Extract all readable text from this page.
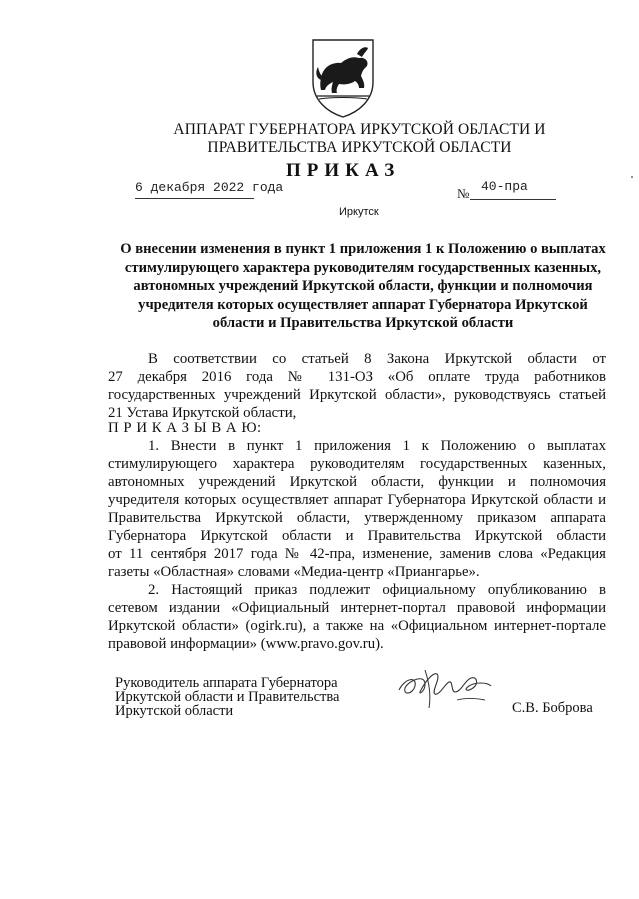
АППАРАТ ГУБЕРНАТОРА ИРКУТСКОЙ ОБЛАСТИ И
ПРАВИТЕЛЬСТВА ИРКУТСКОЙ ОБЛАСТИ
ПРИКАЗ
6 декабря 2022 года	№ 40-пра
Иркутск
О внесении изменения в пункт 1 приложения 1 к Положению о выплатах
стимулирующего характера руководителям государственных казенных,
автономных учреждений Иркутской области, функции и полномочия
учредителя которых осуществляет аппарат Губернатора Иркутской
области и Правительства Иркутской области
В соответствии со статьей 8 Закона Иркутской области от
27 декабря 2016 года № 131-ОЗ «Об оплате труда работников
государственных учреждений Иркутской области», руководствуясь статьей
21 Устава Иркутской области,
П Р И К А З Ы В А Ю:
1. Внести в пункт 1 приложения 1 к Положению о выплатах
стимулирующего характера руководителям государственных казенных,
автономных учреждений Иркутской области, функции и полномочия
учредителя которых осуществляет аппарат Губернатора Иркутской области и
Правительства Иркутской области, утвержденному приказом аппарата
Губернатора Иркутской области и Правительства Иркутской области
от 11 сентября 2017 года № 42-пра, изменение, заменив слова «Редакция
газеты «Областная» словами «Медиа-центр «Приангарье».
2. Настоящий приказ подлежит официальному опубликованию в
сетевом издании «Официальный интернет-портал правовой информации
Иркутской области» (ogirk.ru), а также на «Официальном интернет-портале
правовой информации» (www.pravo.gov.ru).
Руководитель аппарата Губернатора
Иркутской области и Правительства
Иркутской области	С.В. Боброва
